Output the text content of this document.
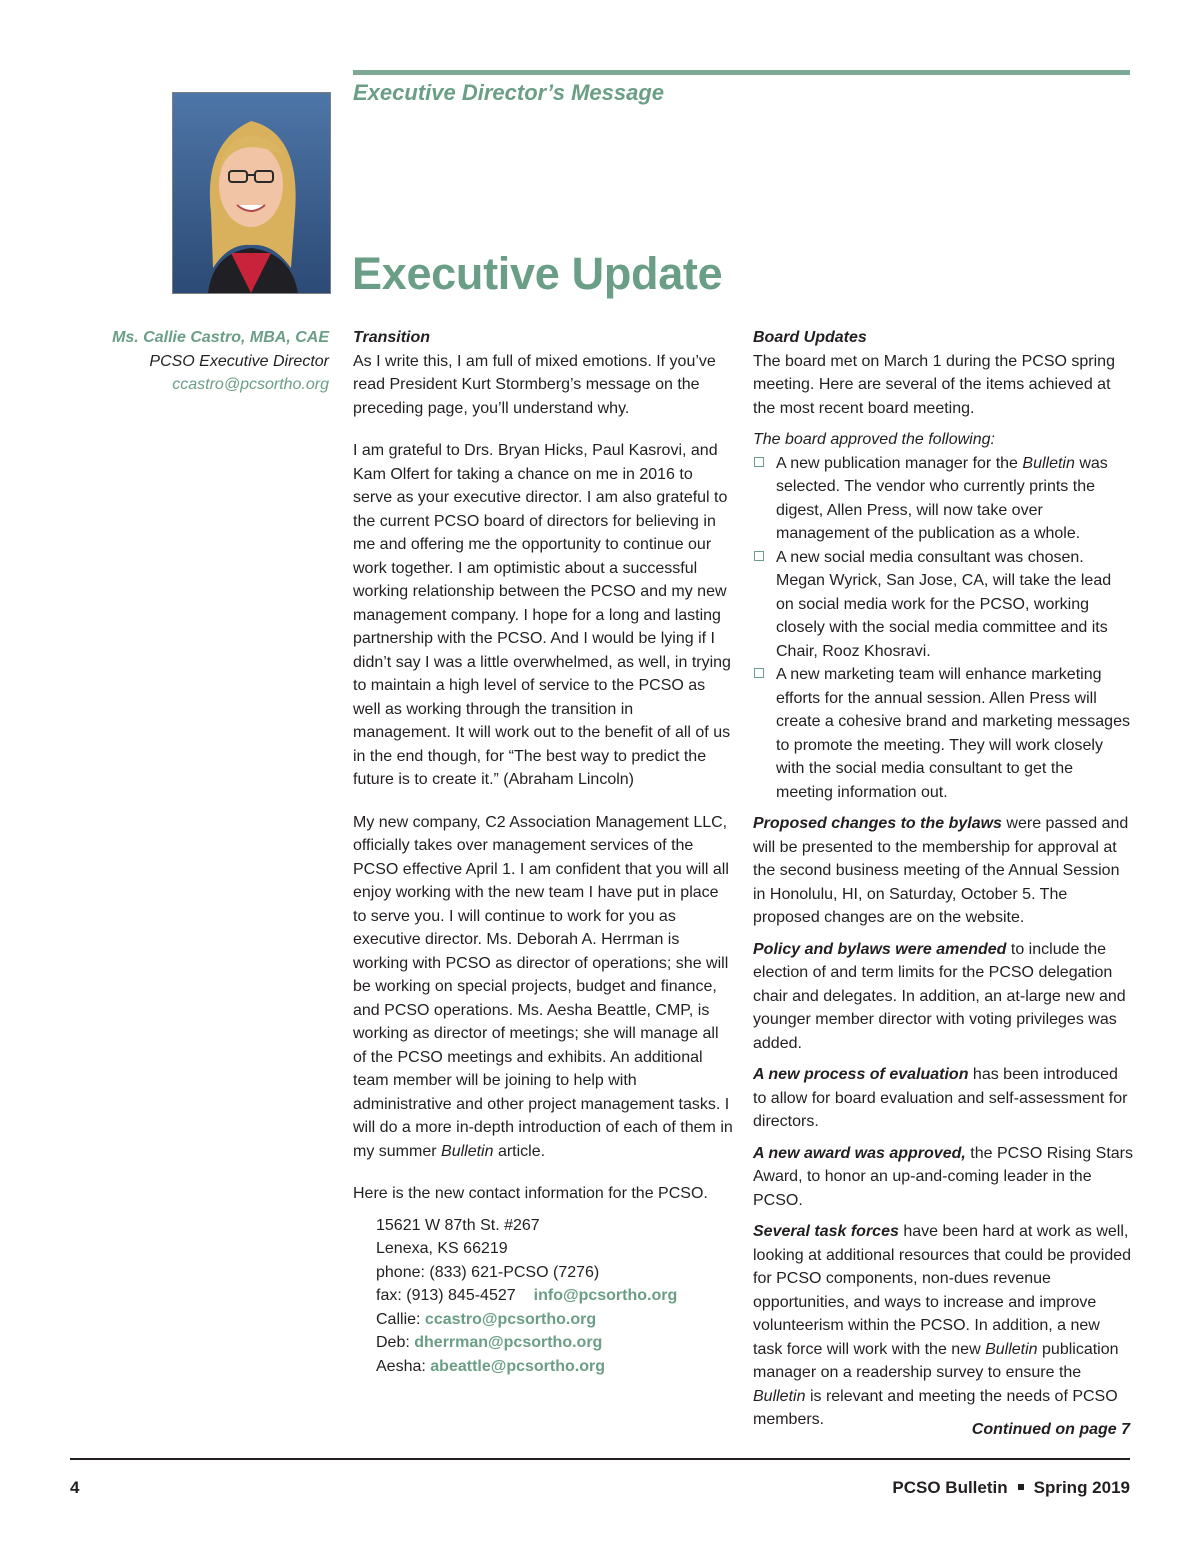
Executive Director’s Message
Executive Update
Ms. Callie Castro, MBA, CAE
PCSO Executive Director
ccastro@pcsortho.org
Transition

As I write this, I am full of mixed emotions. If you’ve read President Kurt Stormberg’s message on the preceding page, you’ll understand why.

I am grateful to Drs. Bryan Hicks, Paul Kasrovi, and Kam Olfert for taking a chance on me in 2016 to serve as your executive director. I am also grateful to the current PCSO board of directors for believing in me and offering me the opportunity to continue our work together. I am optimistic about a successful working relationship between the PCSO and my new management company. I hope for a long and lasting partnership with the PCSO. And I would be lying if I didn’t say I was a little overwhelmed, as well, in trying to maintain a high level of service to the PCSO as well as working through the transition in management. It will work out to the benefit of all of us in the end though, for “The best way to predict the future is to create it.” (Abraham Lincoln)

My new company, C2 Association Management LLC, officially takes over management services of the PCSO effective April 1. I am confident that you will all enjoy working with the new team I have put in place to serve you. I will continue to work for you as executive director. Ms. Deborah A. Herrman is working with PCSO as director of operations; she will be working on special projects, budget and finance, and PCSO operations. Ms. Aesha Beattle, CMP, is working as director of meetings; she will manage all of the PCSO meetings and exhibits. An additional team member will be joining to help with administrative and other project management tasks. I will do a more in-depth introduction of each of them in my summer Bulletin article.

Here is the new contact information for the PCSO.

15621 W 87th St. #267
Lenexa, KS 66219
phone: (833) 621-PCSO (7276)
fax: (913) 845-4527 info@pcsortho.org
Callie: ccastro@pcsortho.org
Deb: dherrman@pcsortho.org
Aesha: abeattle@pcsortho.org
Board Updates

The board met on March 1 during the PCSO spring meeting. Here are several of the items achieved at the most recent board meeting.

The board approved the following:
A new publication manager for the Bulletin was selected. The vendor who currently prints the digest, Allen Press, will now take over management of the publication as a whole.
A new social media consultant was chosen. Megan Wyrick, San Jose, CA, will take the lead on social media work for the PCSO, working closely with the social media committee and its Chair, Rooz Khosravi.
A new marketing team will enhance marketing efforts for the annual session. Allen Press will create a cohesive brand and marketing messages to promote the meeting. They will work closely with the social media consultant to get the meeting information out.

Proposed changes to the bylaws were passed and will be presented to the membership for approval at the second business meeting of the Annual Session in Honolulu, HI, on Saturday, October 5. The proposed changes are on the website.

Policy and bylaws were amended to include the election of and term limits for the PCSO delegation chair and delegates. In addition, an at-large new and younger member director with voting privileges was added.

A new process of evaluation has been introduced to allow for board evaluation and self-assessment for directors.

A new award was approved, the PCSO Rising Stars Award, to honor an up-and-coming leader in the PCSO.

Several task forces have been hard at work as well, looking at additional resources that could be provided for PCSO components, non-dues revenue opportunities, and ways to increase and improve volunteerism within the PCSO. In addition, a new task force will work with the new Bulletin publication manager on a readership survey to ensure the Bulletin is relevant and meeting the needs of PCSO members.

Continued on page 7
4	PCSO Bulletin Spring 2019
